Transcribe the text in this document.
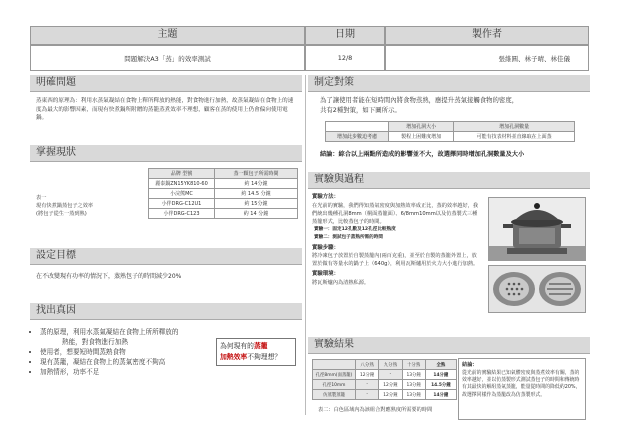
主題	日期	製作者
問題解決A3「蒸」的效率測試	12/8	張維圓、林子晴、林佳儀
明確問題
蒸東西的原理為：利用水蒸氣凝結在食物上釋所釋放的熱能，對食物進行加熱，故蒸氣凝結在食物上的速度為最大的影響因素，而現有快煮鍋所附贈的蒸籠蒸煮效率不理想，顧客在蒸的使用上仍會偏向使用電鍋。
掌握現狀
表一
現有快煮鍋蒸包子之效率
(將包子從生一蒸到熟)
品牌 型號	蒸一顆包子所需時間
麗泰鍋ZN15YK810-60	約 14分鐘
小浣熊MC	約 14.5 分鐘
小伴DRG-C12U1	約 15分鐘
小伴DRG-C123	約 14 分鐘
設定目標
在不改變現有功率的情況下，蒸熟包子的時間減少20%
找出真因
• 蒸的原理，利用水蒸氣凝結在食物上所所釋放的
熱能，對食物進行加熱
• 使用者，想要短時間蒸熟食物
• 現有蒸籠，凝結在食物上的蒸氣密度不夠高
• 加熱情形，功率不足
為何現有的蒸籠
加熱效率不夠理想？
制定對策
為了讓使用者能在短時間內將食物蒸熟，應提升蒸氣接觸食物的密度，
共有2種對策，如下圖所示。
	增加孔洞大小	增加孔洞數量
增加此步數迫考慮	製程上困難度增加	可能有技表材料並直線取在上面蒸
結論：綜合以上兩點所造成的影響並不大，故選擇同時增加孔洞數量及大小
實驗與過程
實驗方法：
在光前的實驗，我們得知蒸氣密度與加熱效率成正比，蒸的效率越好，我們統出幾種孔洞8mm（桐面蒸籠面）、6/8mm10mm以及仿蒸製式三種蒸籠形式，比較蒸包子的時間。
實驗一：固定12孔數及12孔徑比較熟度
實驗二：測試包子蒸熟所需的時間
實驗步驟：
將冷凍包子放置於自製蒸籠內(兩百克重)，並至於自製的蒸籠外置上，放置於做有等量水的鍋子上（640g），利用瓦斯爐用於火力大小進行加熱。
實驗環境：
將瓦斯爐內為清熱私源。
實驗結果
	八分熟	九分熟	十分熟	全熟
孔徑8mm(面蒸籠)	12分鐘	-	13分鐘	14分鐘
孔徑10mm	-	12分鐘	13分鐘	14.5分鐘
仿蒸製蒸籠	-	12分鐘	13分鐘	14分鐘
表二：白色區域內為該組合對應熟度所需要的時間
結論：
從光前的實驗結果已知氣體密度與蒸煮效率有關，蒸的效率越好，並以仿蒸製形式測試蒸包子的時間和傳統時有其最快的解組蒸氣蒸籠，能量從時間的降低約20%，故選擇同樣作為蒸籠改為仿蒸製形式。
